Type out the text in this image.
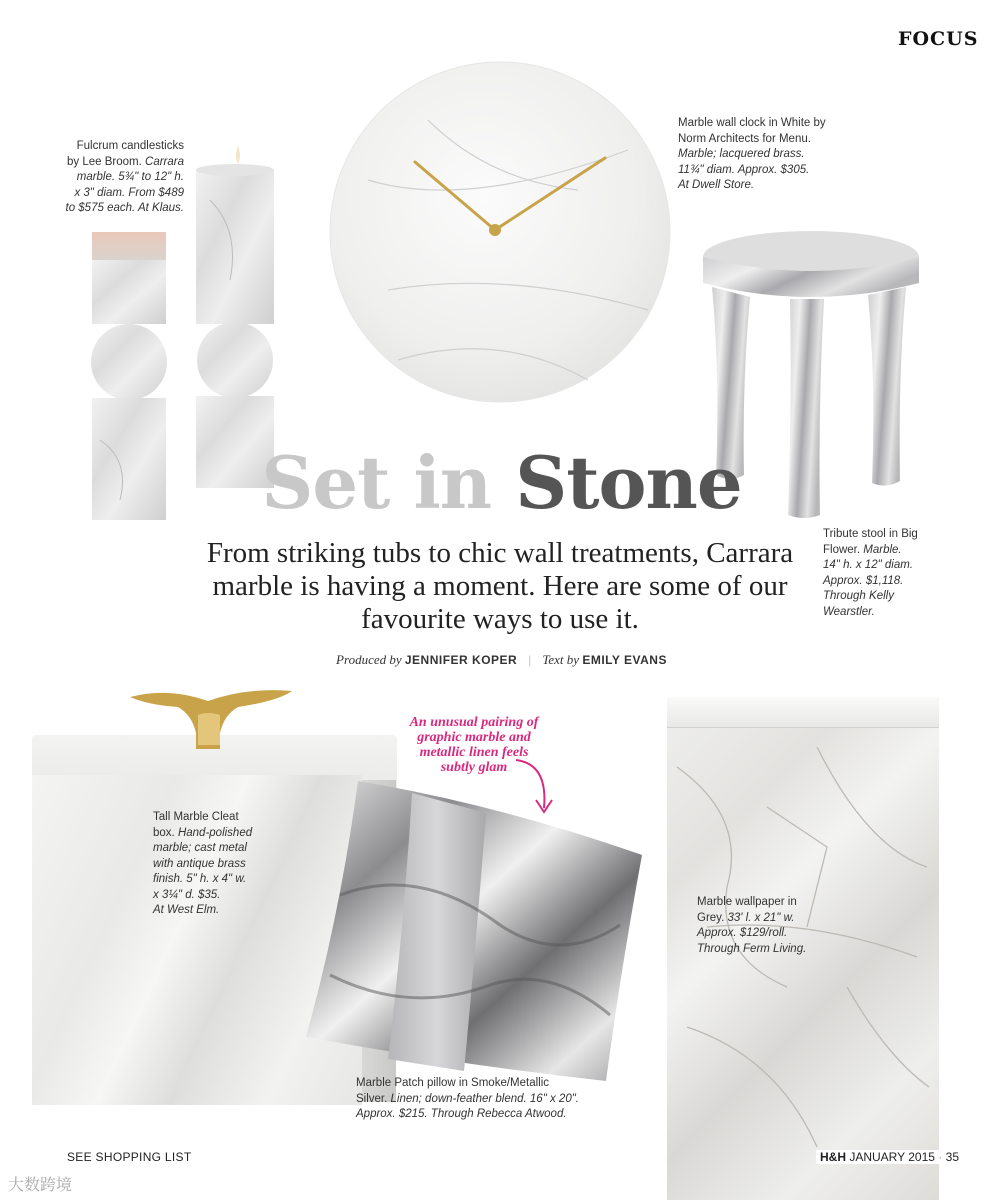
FOCUS
Fulcrum candlesticks
by Lee Broom. Carrara
marble. 5¾" to 12" h.
x 3" diam. From $489
to $575 each. At Klaus.
Marble wall clock in White by
Norm Architects for Menu.
Marble; lacquered brass.
11¾" diam. Approx. $305.
At Dwell Store.
Tribute stool in Big
Flower. Marble.
14" h. x 12" diam.
Approx. $1,118.
Through Kelly
Wearstler.
Set in Stone
From striking tubs to chic wall treatments, Carrara marble is having a moment. Here are some of our favourite ways to use it.
Produced by JENNIFER KOPER | Text by EMILY EVANS
Tall Marble Cleat
box. Hand-polished
marble; cast metal
with antique brass
finish. 5" h. x 4" w.
x 3¼" d. $35.
At West Elm.
An unusual pairing of graphic marble and metallic linen feels subtly glam
Marble Patch pillow in Smoke/Metallic
Silver. Linen; down-feather blend. 16" x 20".
Approx. $215. Through Rebecca Atwood.
Marble wallpaper in
Grey. 33' l. x 21" w.
Approx. $129/roll.
Through Ferm Living.
SEE SHOPPING LIST	H&H JANUARY 2015 · 35
大数跨境
